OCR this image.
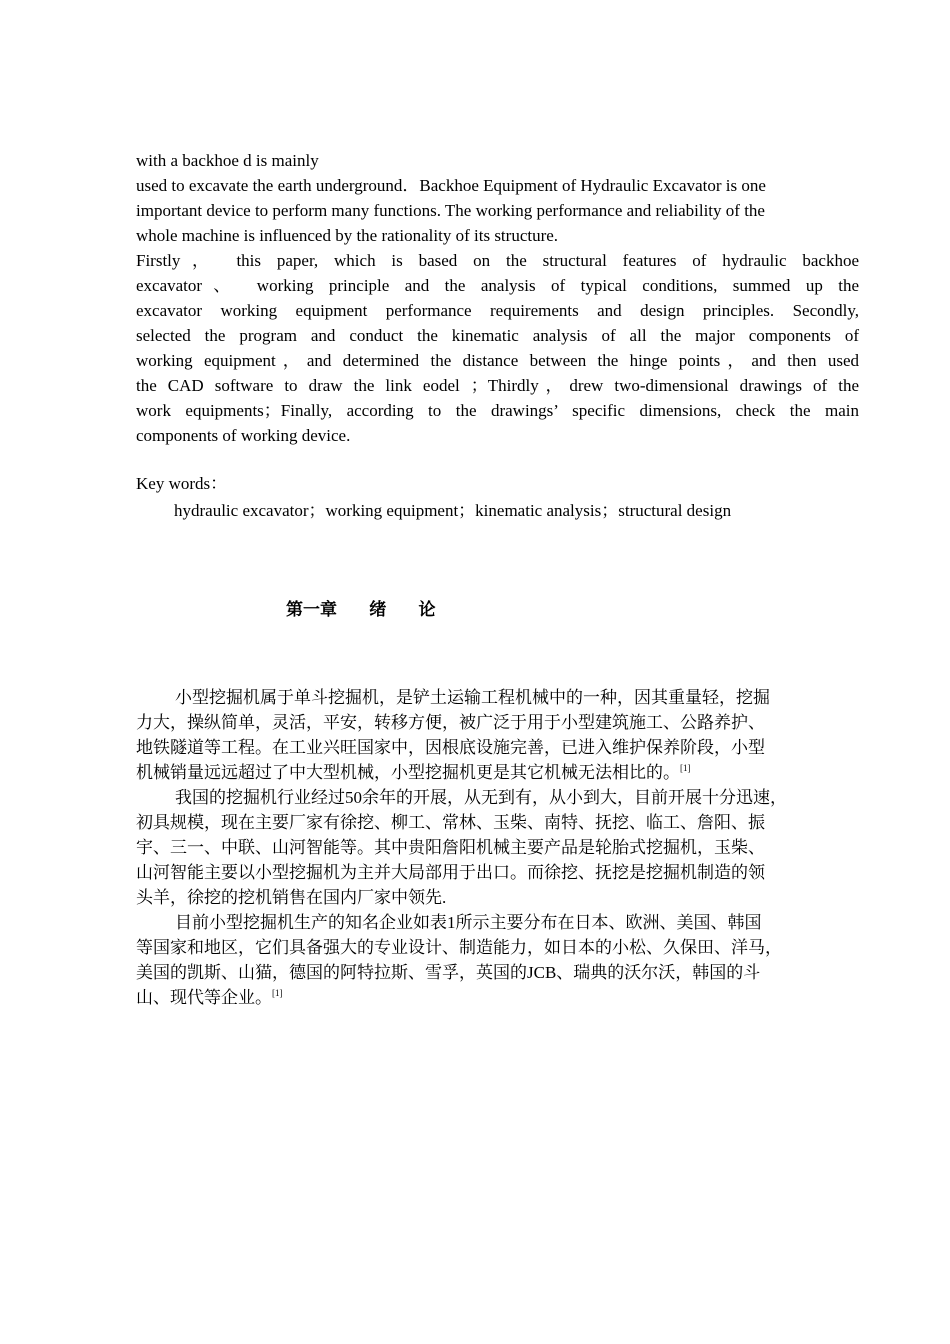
with a backhoe d is mainly

used to excavate the earth underground．Backhoe Equipment of Hydraulic Excavator is one

important device to perform many functions. The working performance and reliability of the

whole machine is influenced by the rationality of its structure.

Firstly， this paper, which is based on the structural features of hydraulic backhoe

excavator、 working principle and the analysis of typical conditions, summed up the

excavator working equipment performance requirements and design principles. Secondly,

selected the program and conduct the kinematic analysis of all the major components of

working equipment，and determined the distance between the hinge points，and then used

the CAD software to draw the link eodel ；Thirdly，drew two-dimensional drawings of the

work equipments；Finally, according to the drawings’ specific dimensions, check the main

components of working device.

Key words：
hydraulic excavator；working equipment；kinematic analysis；structural design
第一章 绪 论

小型挖掘机属于单斗挖掘机，是铲土运输工程机械中的一种，因其重量轻，挖掘

力大，操纵简单，灵活，平安，转移方便，被广泛于用于小型建筑施工、公路养护、

地铁隧道等工程。在工业兴旺国家中，因根底设施完善，已进入维护保养阶段，小型

机械销量远远超过了中大型机械，小型挖掘机更是其它机械无法相比的。[1]

我国的挖掘机行业经过50余年的开展，从无到有，从小到大，目前开展十分迅速，

初具规模，现在主要厂家有徐挖、柳工、常林、玉柴、南特、抚挖、临工、詹阳、振

宇、三一、中联、山河智能等。其中贵阳詹阳机械主要产品是轮胎式挖掘机，玉柴、

山河智能主要以小型挖掘机为主并大局部用于出口。而徐挖、抚挖是挖掘机制造的领

头羊，徐挖的挖机销售在国内厂家中领先.

目前小型挖掘机生产的知名企业如表1所示主要分布在日本、欧洲、美国、韩国

等国家和地区，它们具备强大的专业设计、制造能力，如日本的小松、久保田、洋马，

美国的凯斯、山猫，德国的阿特拉斯、雪孚，英国的JCB、瑞典的沃尔沃，韩国的斗

山、现代等企业。[1]
